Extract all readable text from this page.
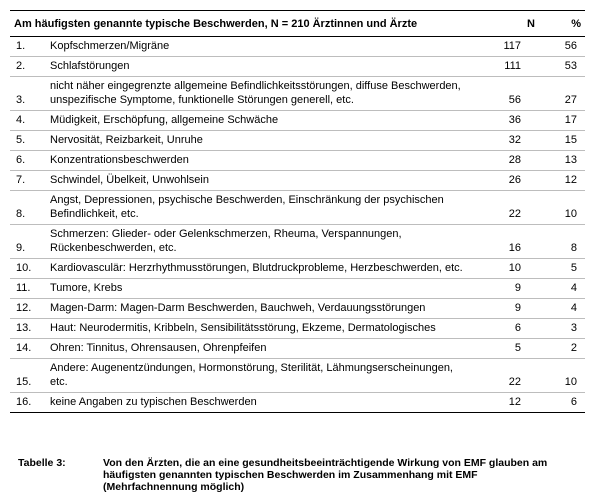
Am häufigsten genannte typische Beschwerden, N = 210 Ärztinnen und Ärzte		N	%
1.	Kopfschmerzen/Migräne	117	56
2.	Schlafstörungen	111	53
3.	nicht näher eingegrenzte allgemeine Befindlichkeitsstörungen, diffuse Beschwerden, unspezifische Symptome, funktionelle Störungen generell, etc.	56	27
4.	Müdigkeit, Erschöpfung, allgemeine Schwäche	36	17
5.	Nervosität, Reizbarkeit, Unruhe	32	15
6.	Konzentrationsbeschwerden	28	13
7.	Schwindel, Übelkeit, Unwohlsein	26	12
8.	Angst, Depressionen, psychische Beschwerden, Einschränkung der psychischen Befindlichkeit, etc.	22	10
9.	Schmerzen: Glieder- oder Gelenkschmerzen, Rheuma, Verspannungen, Rückenbeschwerden, etc.	16	8
10.	Kardiovasculär: Herzrhythmusstörungen, Blutdruckprobleme, Herzbeschwerden, etc.	10	5
11.	Tumore, Krebs	9	4
12.	Magen-Darm: Magen-Darm Beschwerden, Bauchweh, Verdauungsstörungen	9	4
13.	Haut: Neurodermitis, Kribbeln, Sensibilitätsstörung, Ekzeme, Dermatologisches	6	3
14.	Ohren: Tinnitus, Ohrensausen, Ohrenpfeifen	5	2
15.	Andere: Augenentzündungen, Hormonstörung, Sterilität, Lähmungserscheinungen, etc.	22	10
16.	keine Angaben zu typischen Beschwerden	12	6
Tabelle 3:	Von den Ärzten, die an eine gesundheitsbeeinträchtigende Wirkung von EMF glauben am häufigsten genannten typischen Beschwerden im Zusammenhang mit EMF (Mehrfachnennung möglich)
